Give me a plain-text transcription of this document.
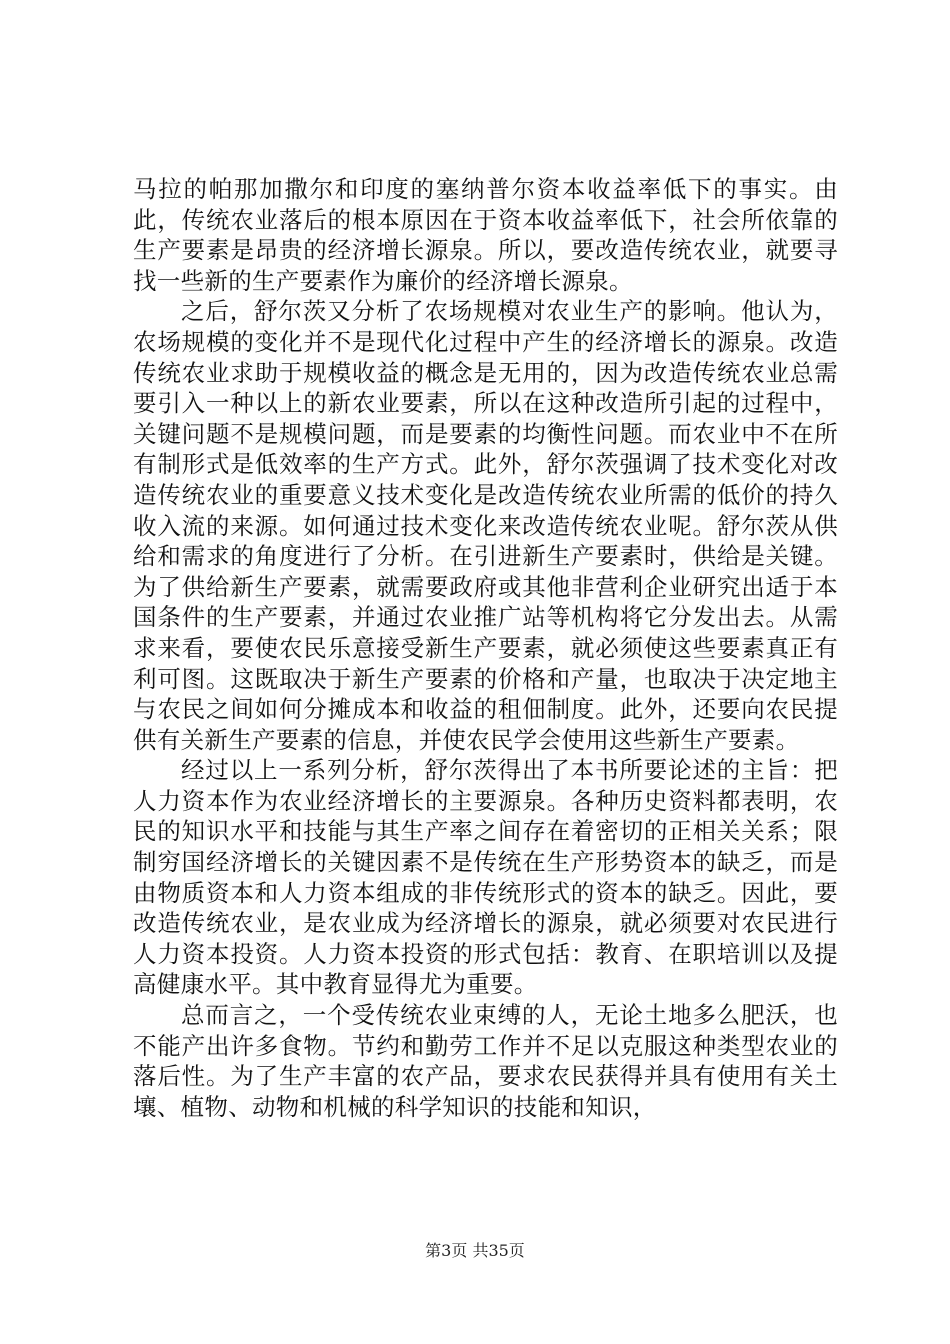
马拉的帕那加撒尔和印度的塞纳普尔资本收益率低下的事实。由此，传统农业落后的根本原因在于资本收益率低下，社会所依靠的生产要素是昂贵的经济增长源泉。所以，要改造传统农业，就要寻找一些新的生产要素作为廉价的经济增长源泉。

之后，舒尔茨又分析了农场规模对农业生产的影响。他认为，农场规模的变化并不是现代化过程中产生的经济增长的源泉。改造传统农业求助于规模收益的概念是无用的，因为改造传统农业总需要引入一种以上的新农业要素，所以在这种改造所引起的过程中，关键问题不是规模问题，而是要素的均衡性问题。而农业中不在所有制形式是低效率的生产方式。此外，舒尔茨强调了技术变化对改造传统农业的重要意义技术变化是改造传统农业所需的低价的持久收入流的来源。如何通过技术变化来改造传统农业呢。舒尔茨从供给和需求的角度进行了分析。在引进新生产要素时，供给是关键。为了供给新生产要素，就需要政府或其他非营利企业研究出适于本国条件的生产要素，并通过农业推广站等机构将它分发出去。从需求来看，要使农民乐意接受新生产要素，就必须使这些要素真正有利可图。这既取决于新生产要素的价格和产量，也取决于决定地主与农民之间如何分摊成本和收益的租佃制度。此外，还要向农民提供有关新生产要素的信息，并使农民学会使用这些新生产要素。

经过以上一系列分析，舒尔茨得出了本书所要论述的主旨：把人力资本作为农业经济增长的主要源泉。各种历史资料都表明，农民的知识水平和技能与其生产率之间存在着密切的正相关关系；限制穷国经济增长的关键因素不是传统在生产形势资本的缺乏，而是由物质资本和人力资本组成的非传统形式的资本的缺乏。因此，要改造传统农业，是农业成为经济增长的源泉，就必须要对农民进行人力资本投资。人力资本投资的形式包括：教育、在职培训以及提高健康水平。其中教育显得尤为重要。

总而言之，一个受传统农业束缚的人，无论土地多么肥沃，也不能产出许多食物。节约和勤劳工作并不足以克服这种类型农业的落后性。为了生产丰富的农产品，要求农民获得并具有使用有关土壤、植物、动物和机械的科学知识的技能和知识，

第3页 共35页
